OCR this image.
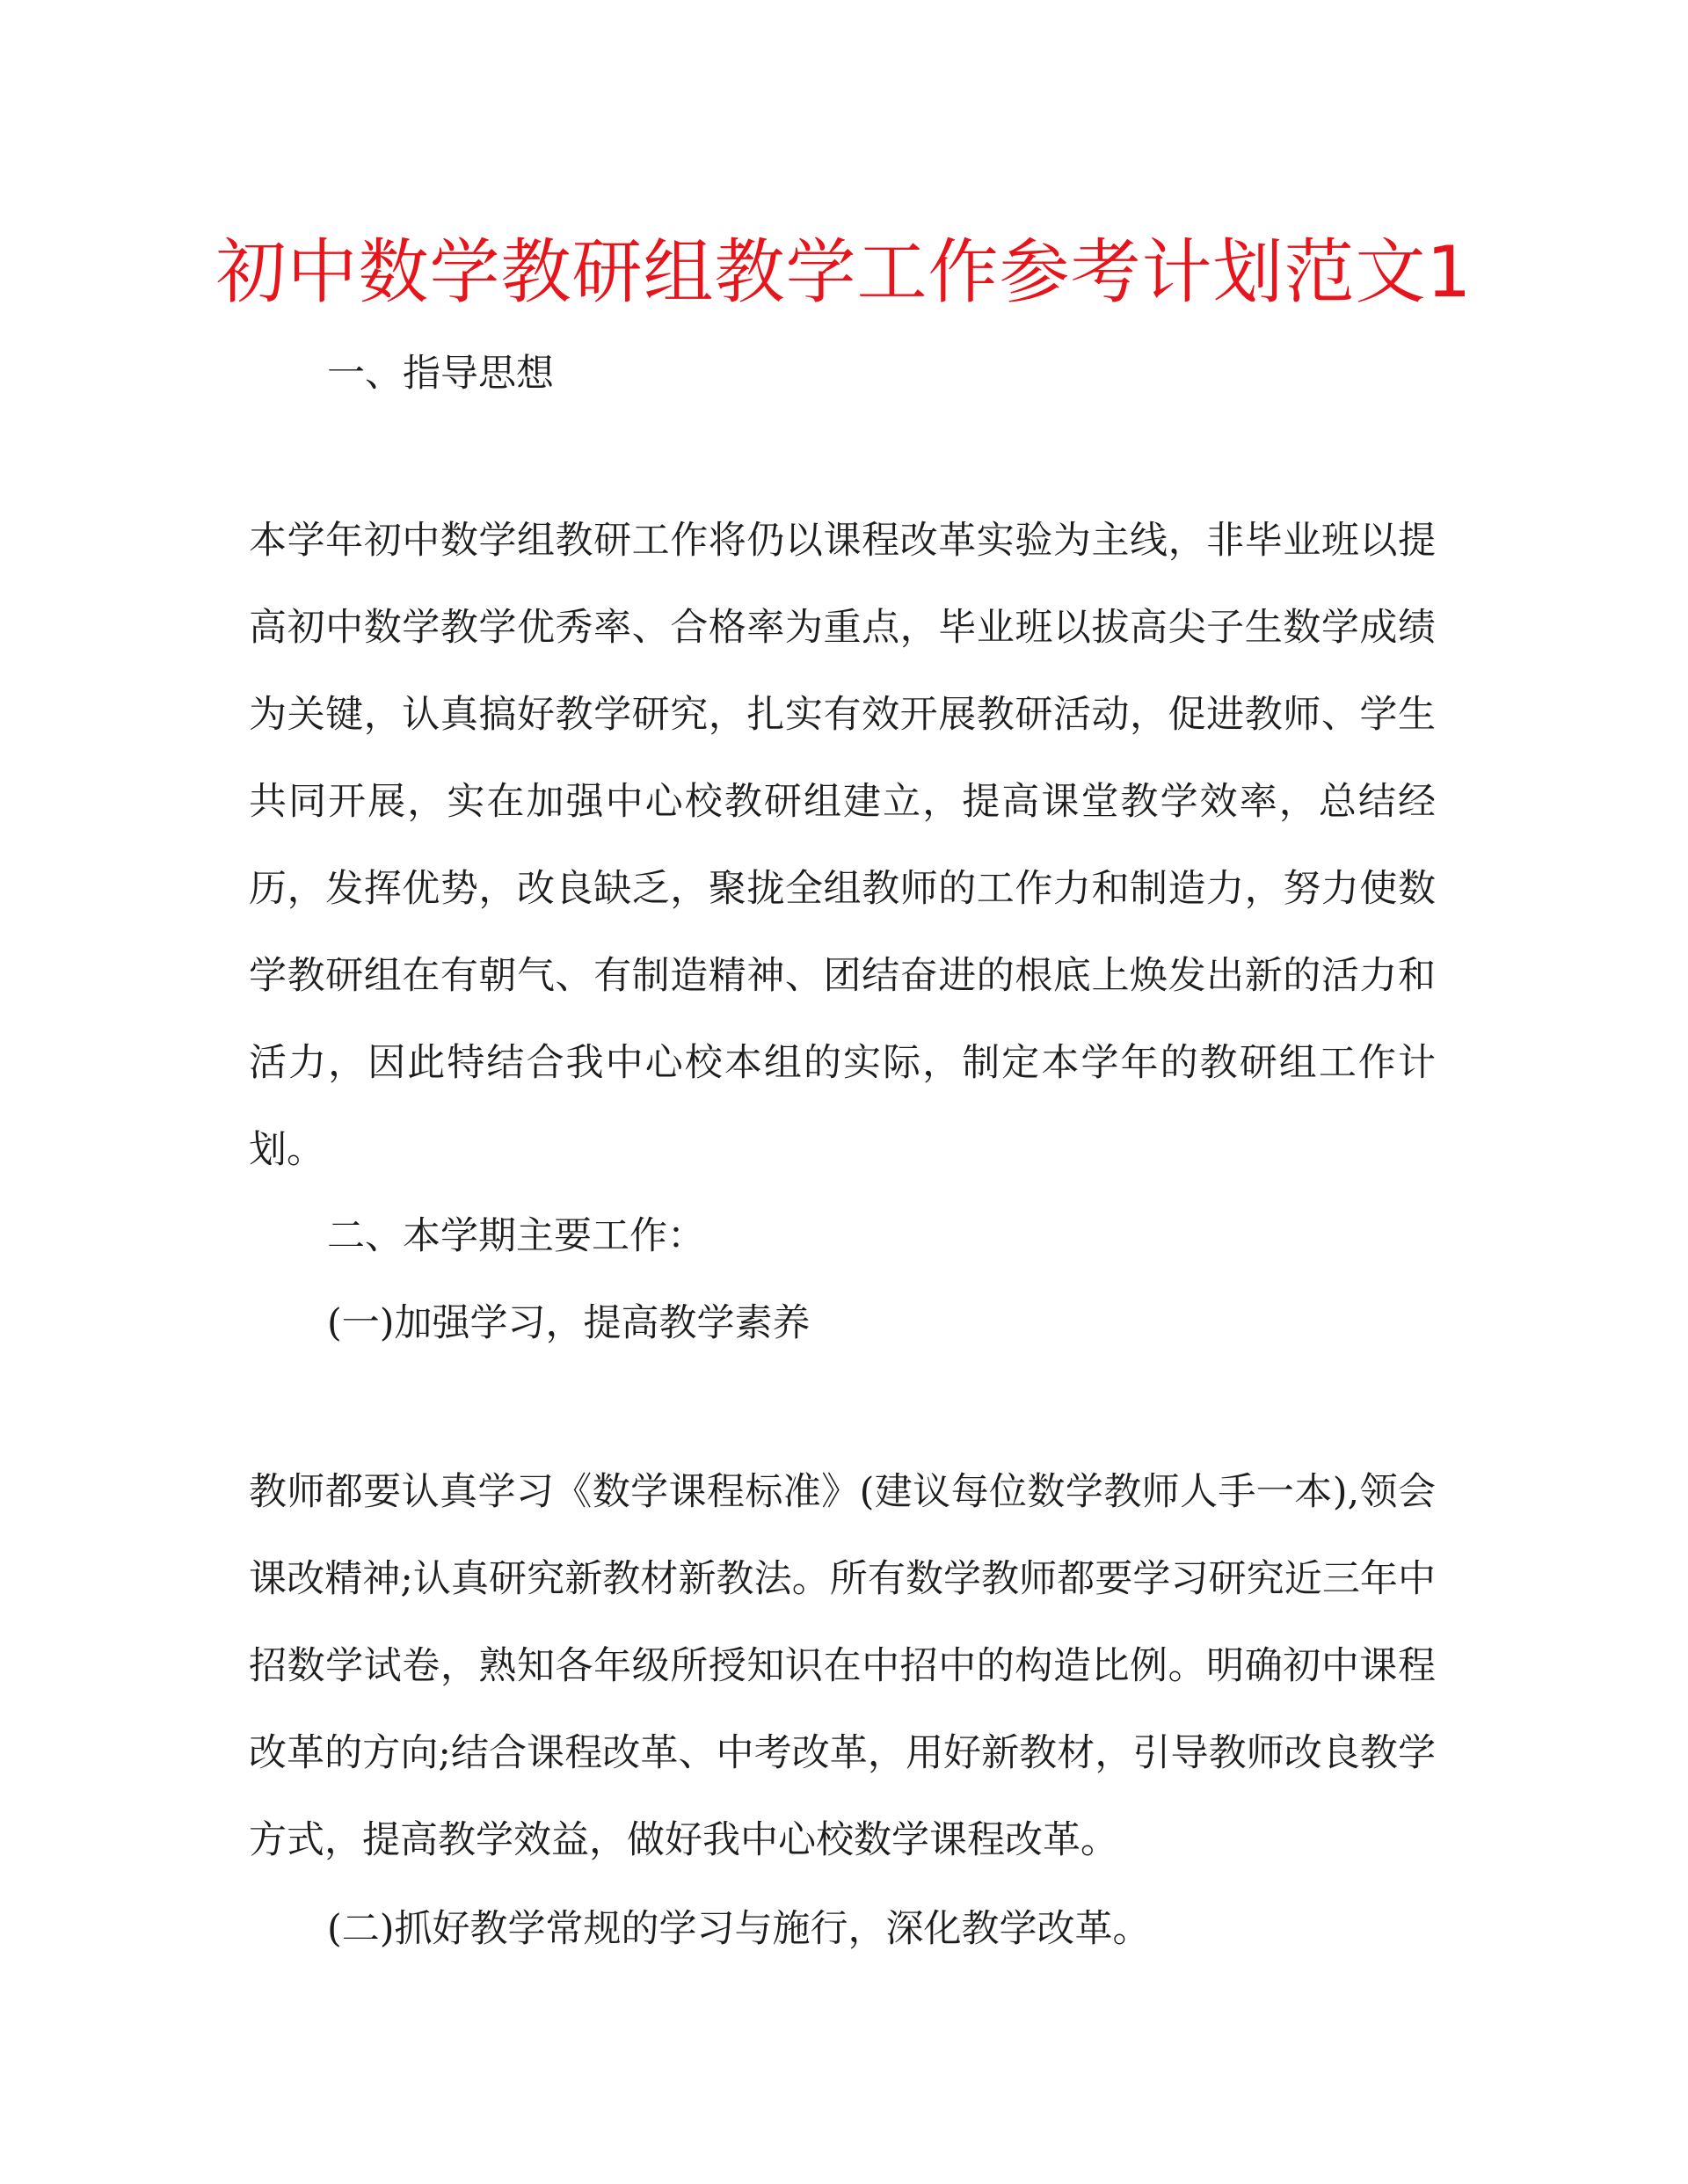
初中数学教研组教学工作参考计划范文1
一、指导思想

本学年初中数学组教研工作将仍以课程改革实验为主线，非毕业班以提高初中数学教学优秀率、合格率为重点，毕业班以拔高尖子生数学成绩为关键，认真搞好教学研究，扎实有效开展教研活动，促进教师、学生共同开展，实在加强中心校教研组建立，提高课堂教学效率，总结经历，发挥优势，改良缺乏，聚拢全组教师的工作力和制造力，努力使数学教研组在有朝气、有制造精神、团结奋进的根底上焕发出新的活力和活力，因此特结合我中心校本组的实际，制定本学年的教研组工作计划。

二、本学期主要工作：
(一)加强学习，提高教学素养

教师都要认真学习《数学课程标准》(建议每位数学教师人手一本),领会课改精神;认真研究新教材新教法。所有数学教师都要学习研究近三年中招数学试卷，熟知各年级所授知识在中招中的构造比例。明确初中课程改革的方向;结合课程改革、中考改革，用好新教材，引导教师改良教学方式，提高教学效益，做好我中心校数学课程改革。

(二)抓好教学常规的学习与施行，深化教学改革。
